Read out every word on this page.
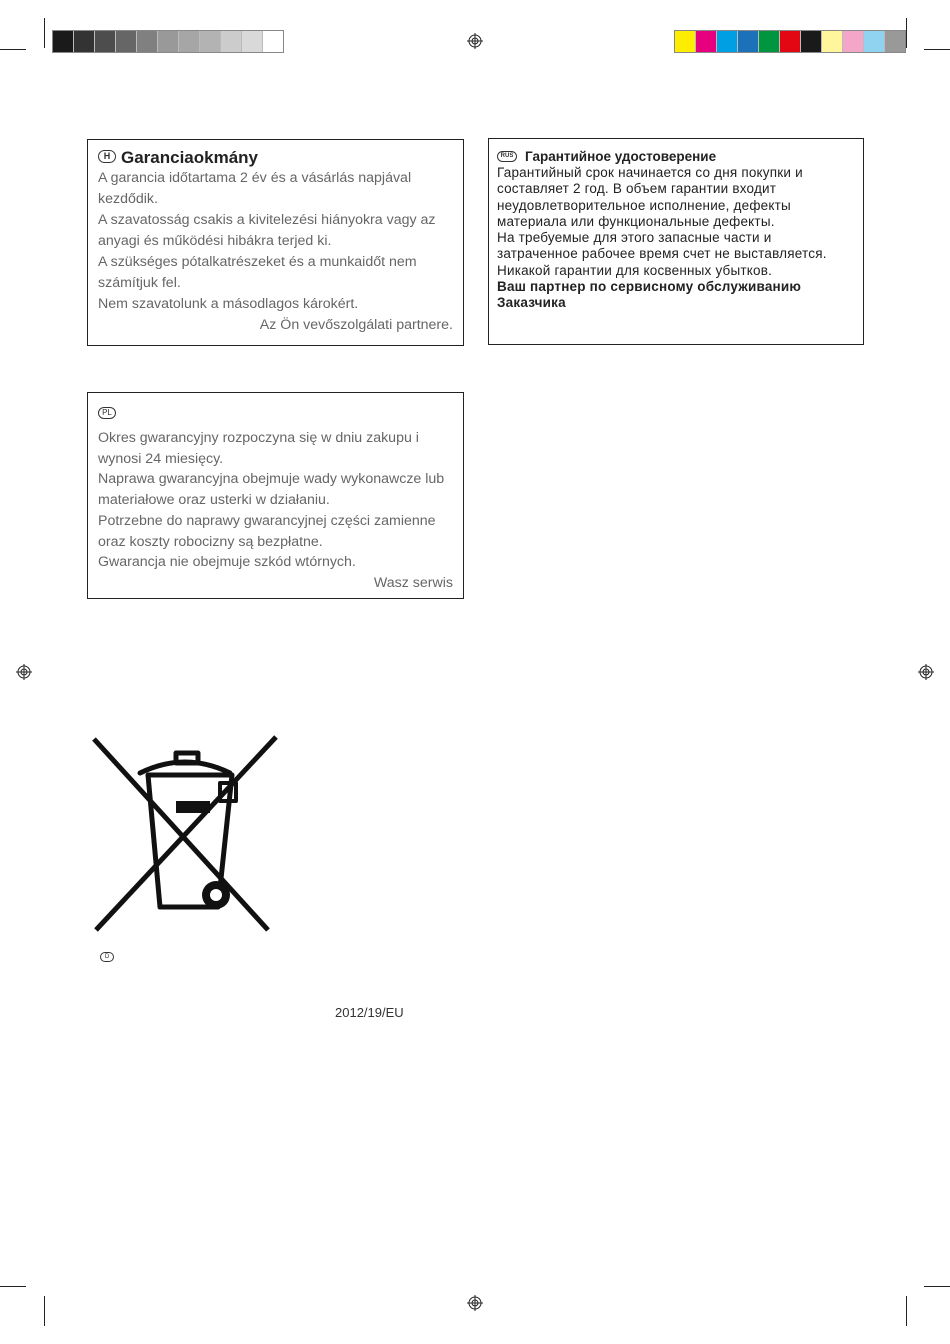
H Garanciaokmány

A garancia időtartama 2 év és a vásárlás napjával kezdődik.

A szavatosság csakis a kivitelezési hiányokra vagy az anyagi és működési hibákra terjed ki.

A szükséges pótalkatrészeket és a munkaidőt nem számítjuk fel.

Nem szavatolunk a másodlagos károkért.

Az Ön vevőszolgálati partnere.

RUS Гарантийное удостоверение

Гарантийный срок начинается со дня покупки и составляет 2 год. В объем гарантии входит неудовлетворительное исполнение, дефекты материала или функциональные дефекты.

На требуемые для этого запасные части и затраченное рабочее время счет не выставляется.

Никакой гарантии для косвенных убытков.

Ваш партнер по сервисному обслуживанию Заказчика

PL

Okres gwarancyjny rozpoczyna się w dniu zakupu i wynosi 24 miesięcy.

Naprawa gwarancyjna obejmuje wady wykonawcze lub materiałowe oraz usterki w działaniu.

Potrzebne do naprawy gwarancyjnej części zamienne oraz koszty robocizny są bezpłatne.

Gwarancja nie obejmuje szkód wtórnych.

Wasz serwis

D
2012/19/EU
